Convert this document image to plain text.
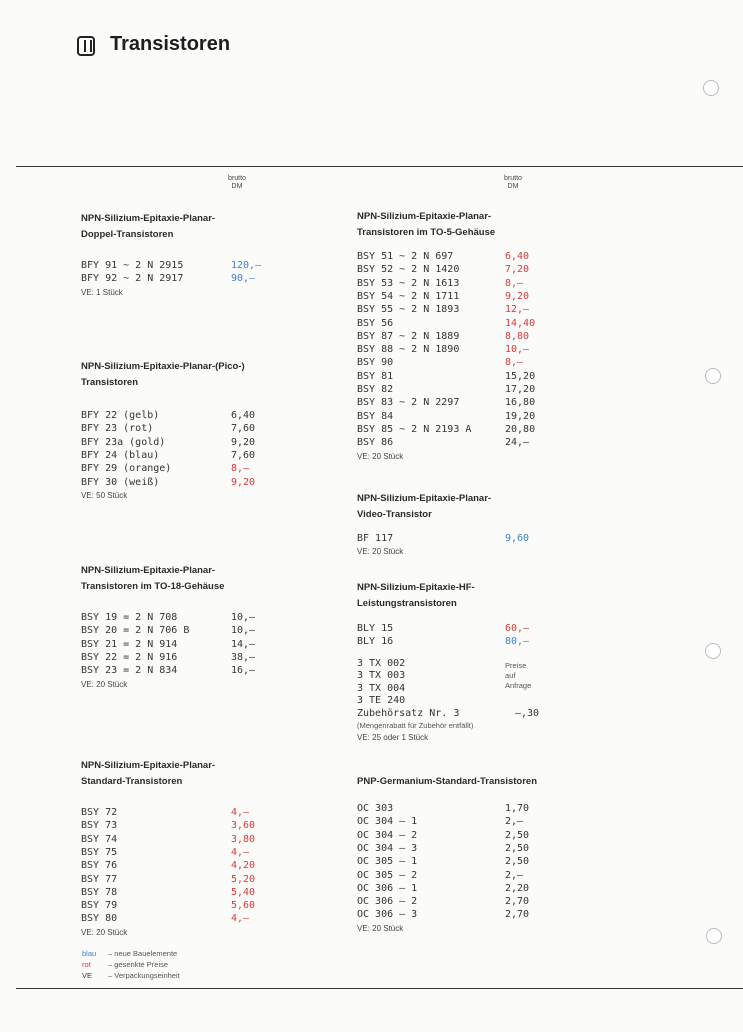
Transistoren
brutto
DM
brutto
DM
NPN-Silizium-Epitaxie-Planar-
Doppel-Transistoren
BFY 91 ~ 2 N 2915	120,–
BFY 92 ~ 2 N 2917	90,–
VE: 1 Stück
NPN-Silizium-Epitaxie-Planar-(Pico-)
Transistoren
BFY 22 (gelb)	6,40
BFY 23 (rot)	7,60
BFY 23a (gold)	9,20
BFY 24 (blau)	7,60
BFY 29 (orange)	8,–
BFY 30 (weiß)	9,20
VE: 50 Stück
NPN-Silizium-Epitaxie-Planar-
Transistoren im TO-18-Gehäuse
BSY 19 = 2 N 708	10,–
BSY 20 = 2 N 706 B	10,–
BSY 21 = 2 N 914	14,–
BSY 22 = 2 N 916	38,–
BSY 23 = 2 N 834	16,–
VE: 20 Stück
NPN-Silizium-Epitaxie-Planar-
Standard-Transistoren
BSY 72	4,–
BSY 73	3,60
BSY 74	3,80
BSY 75	4,–
BSY 76	4,20
BSY 77	5,20
BSY 78	5,40
BSY 79	5,60
BSY 80	4,–
VE: 20 Stück
NPN-Silizium-Epitaxie-Planar-
Transistoren im TO-5-Gehäuse
BSY 51 ~ 2 N 697	6,40
BSY 52 ~ 2 N 1420	7,20
BSY 53 ~ 2 N 1613	8,–
BSY 54 ~ 2 N 1711	9,20
BSY 55 ~ 2 N 1893	12,–
BSY 56	14,40
BSY 87 ~ 2 N 1889	8,80
BSY 88 ~ 2 N 1890	10,–
BSY 90	8,–
BSY 81	15,20
BSY 82	17,20
BSY 83 ~ 2 N 2297	16,80
BSY 84	19,20
BSY 85 ~ 2 N 2193 A	20,80
BSY 86	24,–
VE: 20 Stück
NPN-Silizium-Epitaxie-Planar-
Video-Transistor
BF 117	9,60
VE: 20 Stück
NPN-Silizium-Epitaxie-HF-
Leistungstransistoren
BLY 15	60,–
BLY 16	80,–
3 TX 002
3 TX 003
3 TX 004
3 TE 240
Preise
auf
Anfrage
Zubehörsatz Nr. 3	–,30
(Mengenrabatt für Zubehör entfällt)
VE: 25 oder 1 Stück
PNP-Germanium-Standard-Transistoren
OC 303	1,70
OC 304 – 1	2,–
OC 304 – 2	2,50
OC 304 – 3	2,50
OC 305 – 1	2,50
OC 305 – 2	2,–
OC 306 – 1	2,20
OC 306 – 2	2,70
OC 306 – 3	2,70
VE: 20 Stück
blau – neue Bauelemente
rot – gesenkte Preise
VE – Verpackungseinheit
